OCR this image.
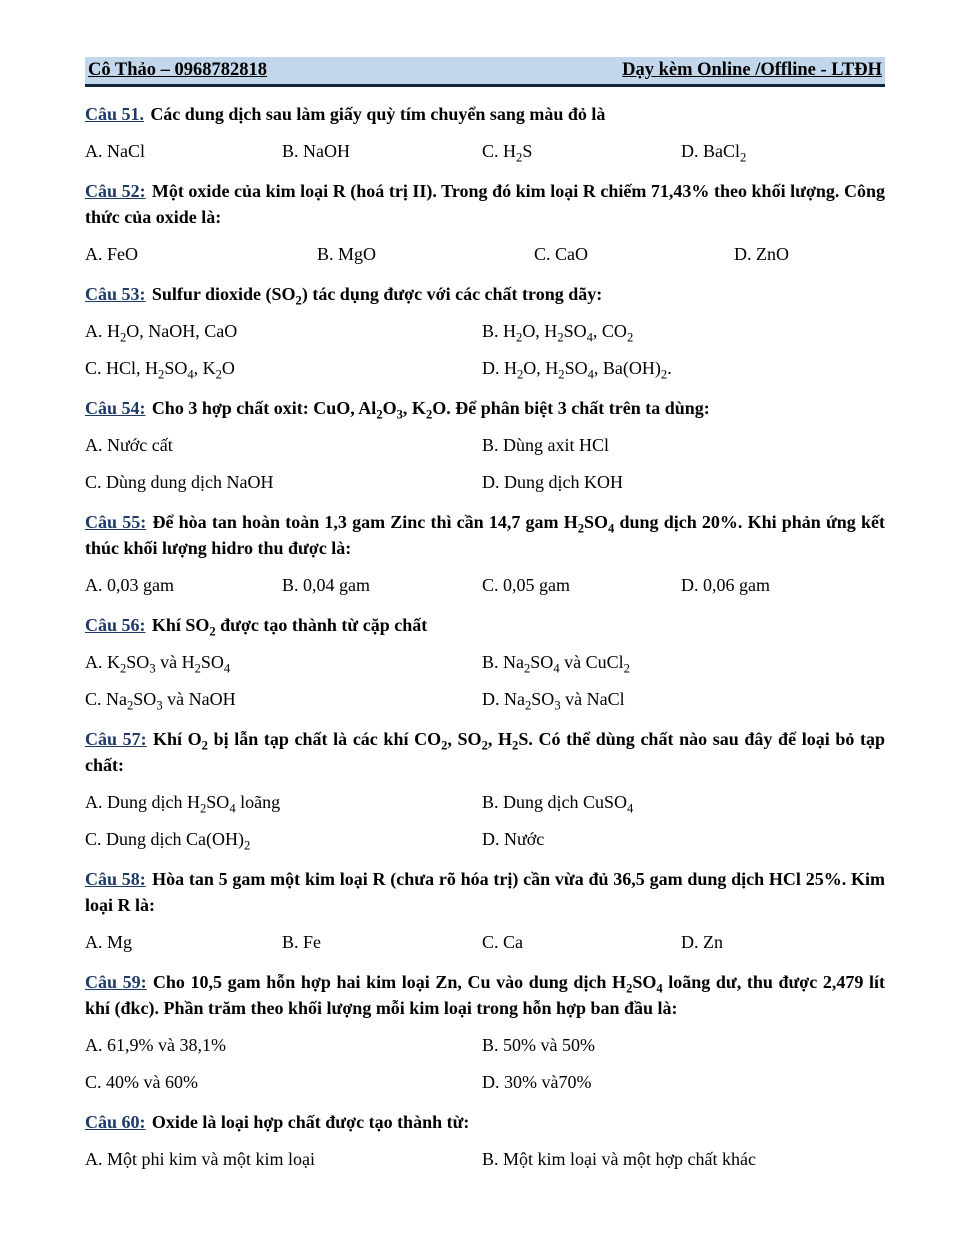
Cô Thảo – 0968782818	Dạy kèm Online /Offline - LTĐH

Câu 51. Các dung dịch sau làm giấy quỳ tím chuyển sang màu đỏ là

A. NaCl	B. NaOH	C. $H_2S$	D. BaCl$_2$

Câu 52: Một oxide của kim loại R (hoá trị II). Trong đó kim loại R chiếm 71,43% theo khối lượng. Công thức của oxide là:

A. FeO	B. MgO	C. CaO	D. ZnO

Câu 53: Sulfur dioxide $(SO_2)$ tác dụng được với các chất trong dãy:

A. $H_2O$, NaOH, CaO	B. $H_2O$, $H_2SO_4$, $CO_2$
C. HCl, $H_2SO_4$, $K_2O$	D. $H_2O$, $H_2SO_4$, $Ba(OH)_2$.

Câu 54: Cho 3 hợp chất oxit: CuO, $Al_2O_3$, $K_2O$. Để phân biệt 3 chất trên ta dùng:

A. Nước cất	B. Dùng axit HCl
C. Dùng dung dịch NaOH	D. Dung dịch KOH

Câu 55: Để hòa tan hoàn toàn 1,3 gam Zinc thì cần 14,7 gam $H_2SO_4$ dung dịch 20%. Khi phản ứng kết thúc khối lượng hidro thu được là:

A. 0,03 gam	B. 0,04 gam	C. 0,05 gam	D. 0,06 gam

Câu 56: Khí $SO_2$ được tạo thành từ cặp chất

A. $K_2SO_3$ và $H_2SO_4$	B. $Na_2SO_4$ và CuCl$_2$
C. $Na_2SO_3$ và NaOH	D. $Na_2SO_3$ và NaCl

Câu 57: Khí $O_2$ bị lẫn tạp chất là các khí $CO_2$, $SO_2$, $H_2S$. Có thể dùng chất nào sau đây để loại bỏ tạp chất:

A. Dung dịch $H_2SO_4$ loãng	B. Dung dịch CuSO$_4$
C. Dung dịch $Ca(OH)_2$	D. Nước

Câu 58: Hòa tan 5 gam một kim loại R (chưa rõ hóa trị) cần vừa đủ 36,5 gam dung dịch HCl 25%. Kim loại R là:

A. Mg	B. Fe	C. Ca	D. Zn

Câu 59: Cho 10,5 gam hỗn hợp hai kim loại Zn, Cu vào dung dịch $H_2SO_4$ loãng dư, thu được 2,479 lít khí (đkc). Phần trăm theo khối lượng mỗi kim loại trong hỗn hợp ban đầu là:

A. 61,9% và 38,1%	B. 50% và 50%
C. 40% và 60%	D. 30% và70%

Câu 60: Oxide là loại hợp chất được tạo thành từ:

A. Một phi kim và một kim loại	B. Một kim loại và một hợp chất khác
